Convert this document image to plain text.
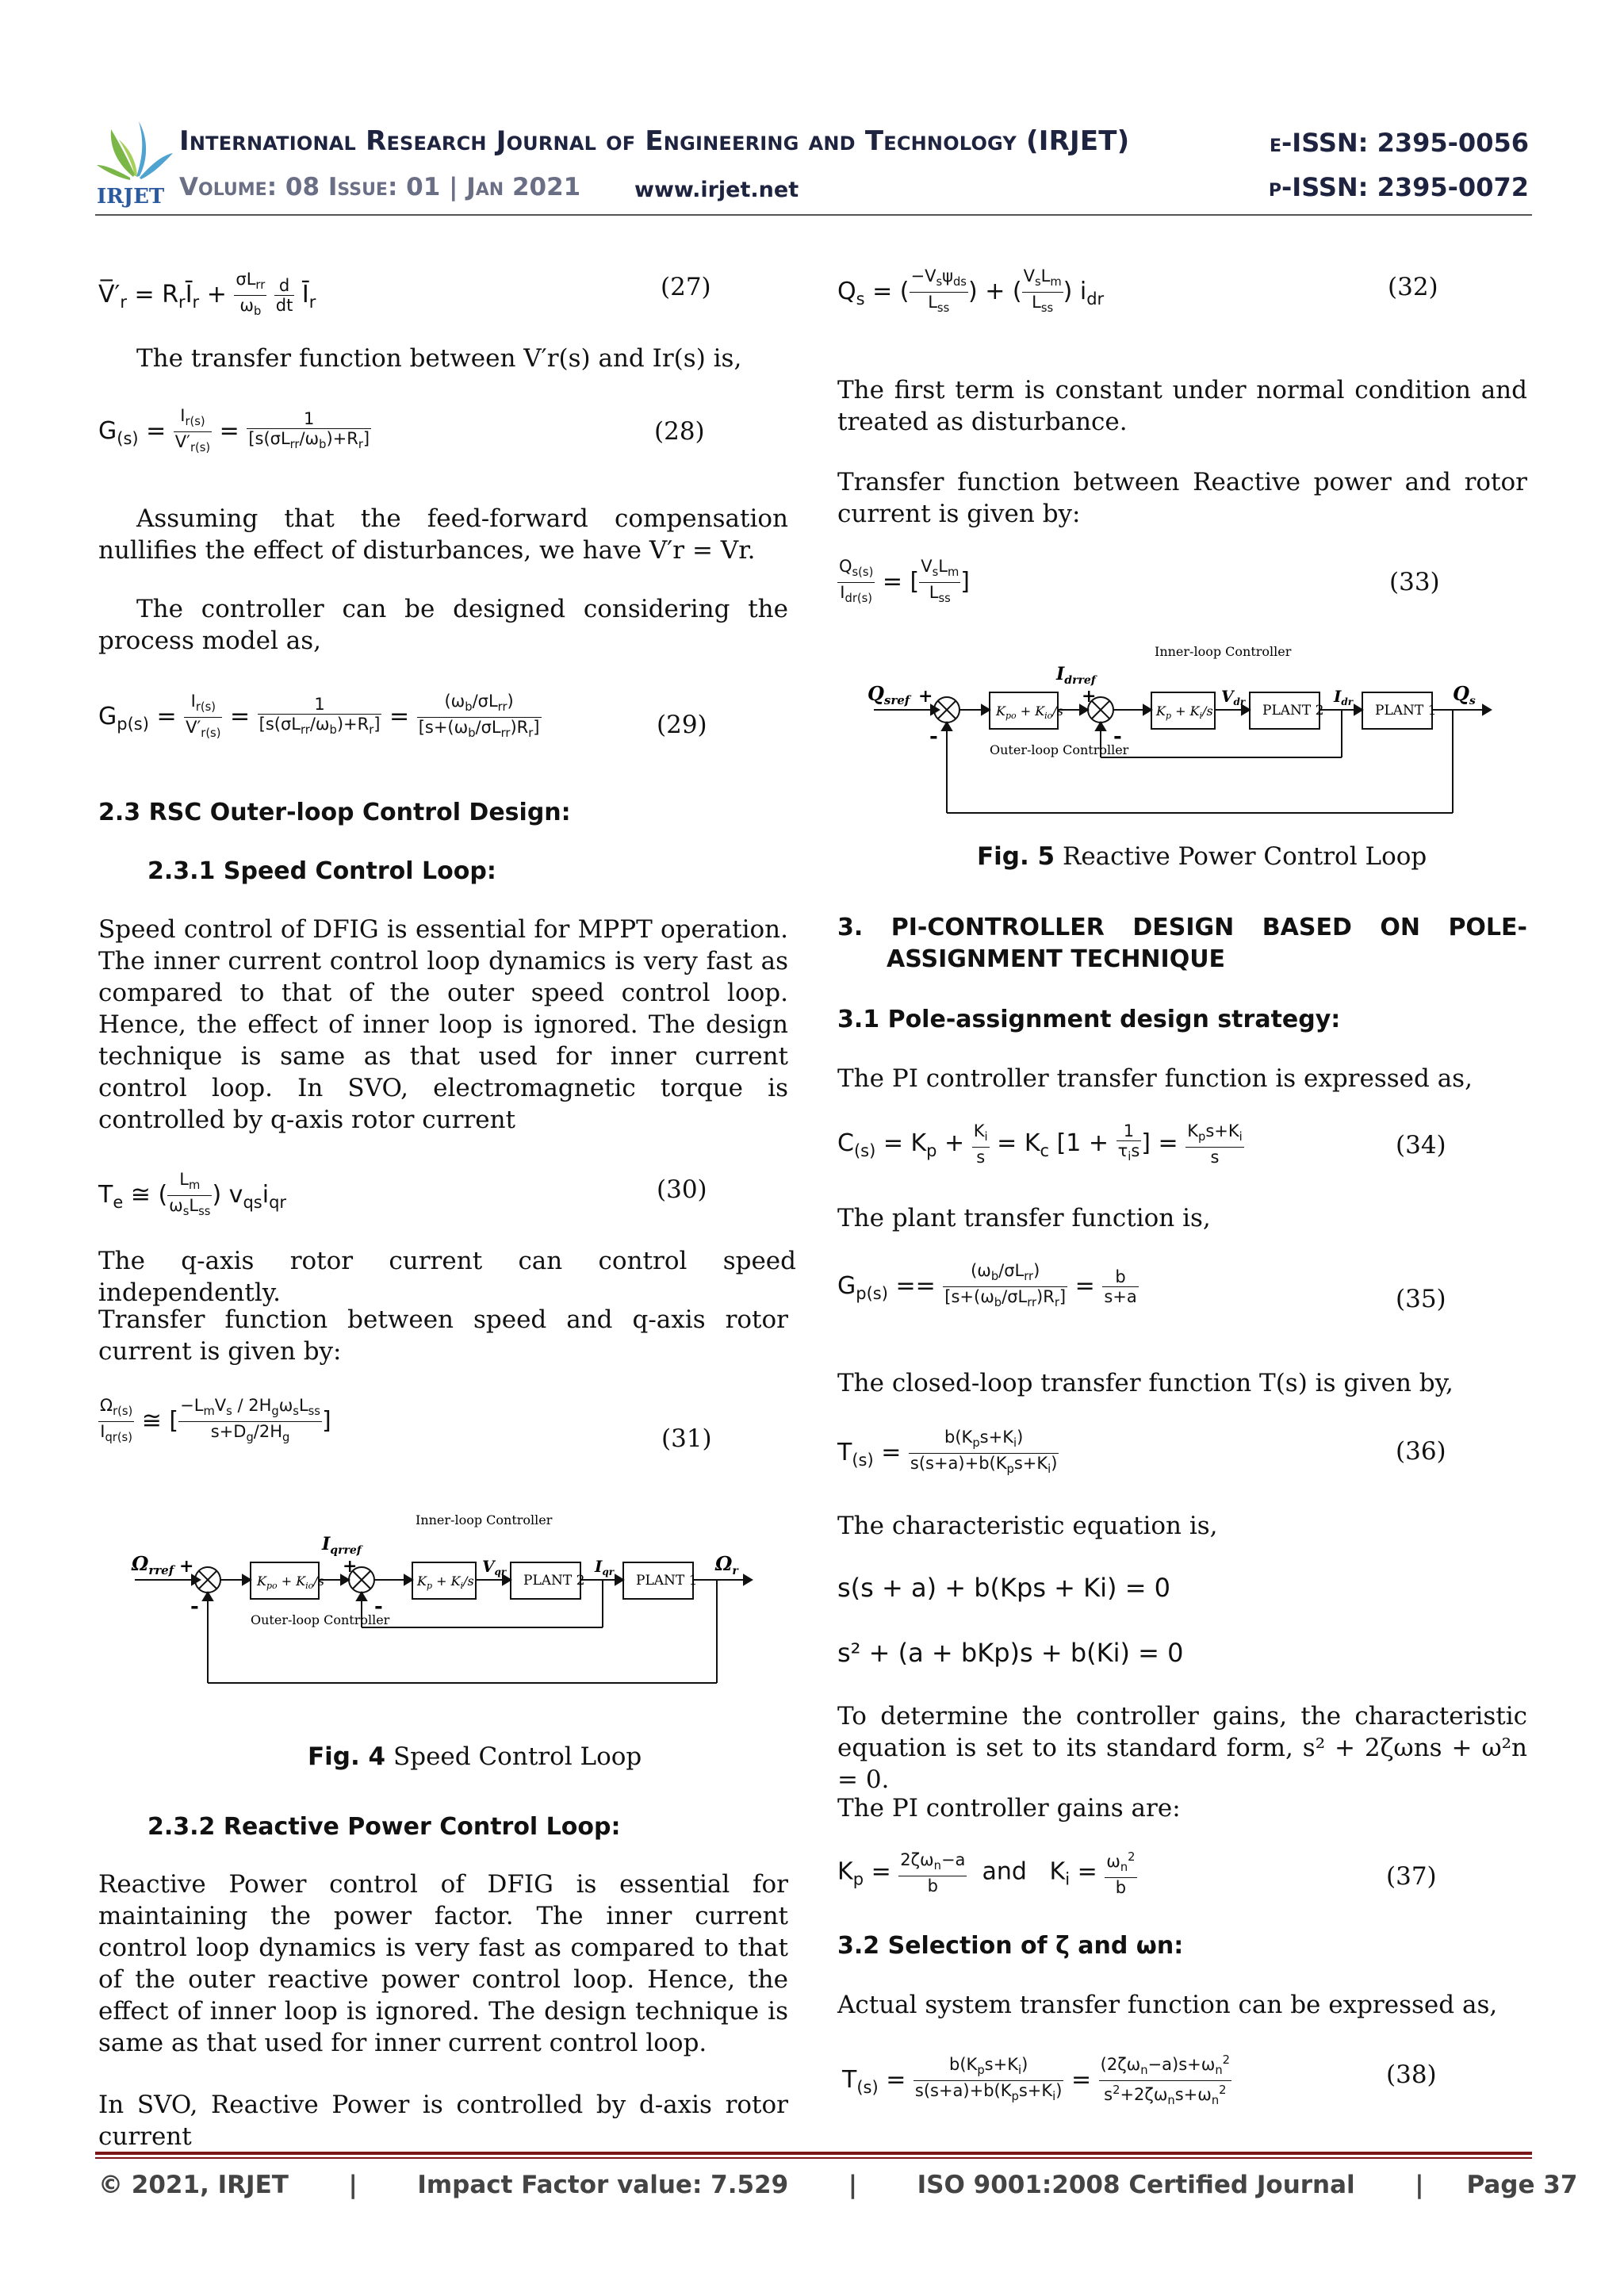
IRJET
International Research Journal of Engineering and Technology (IRJET)	e-ISSN: 2395-0056
Volume: 08 Issue: 01 | Jan 2021	www.irjet.net	p-ISSN: 2395-0072
$V̅'_r$ = $R_rĪ_r + \frac{\sigma L_{rr}}{\omega_b}$
$\frac{d}{dt}$ $Ī_r$
(27)

The transfer function between V′r(s) and Ir(s) is,

$G_{(s)} = \frac{I_{r(s)}}{V'_{r(s)}} = \frac{1}{[s(\sigma L_{rr}/\omega_b)+R_r]}$	(28)

Assuming that the feed-forward compensation nullifies the effect of disturbances, we have V′r = Vr.

The controller can be designed considering the process model as,

$G_{p(s)} = \frac{I_{r(s)}}{V'_{r(s)}} = \frac{1}{[s(\sigma L_{rr}/\omega_b)+R_r]} = \frac{(\omega_b/\sigma L_{rr})}{[s+(\omega_b/\sigma L_{rr})R_r]}$	(29)
2.3 RSC Outer-loop Control Design:
2.3.1 Speed Control Loop:

Speed control of DFIG is essential for MPPT operation. The inner current control loop dynamics is very fast as compared to that of the outer speed control loop. Hence, the effect of inner loop is ignored. The design technique is same as that used for inner current control loop. In SVO, electromagnetic torque is controlled by q-axis rotor current

$T_e$ ≅ ( $\frac{L_m}{\omega_sL_{ss}}$ ) $v_{qs}i_{qr}$	(30)

The q-axis rotor current can control speed independently.

Transfer function between speed and q-axis rotor current is given by:

$\frac{\Omega_{r(s)}}{I_{qr(s)}}$ ≅ [ $\frac{-L_mV_s / 2H_g\omega_sL_{ss}}{s+D_g/2H_g}$ ]
(31)
$\Omega_{rref}$ +
-
$K_{po} + K_{io}/s$
Outer-loop Controller
$I_{qrref}$
+
-
$K_p + K_i/s$
Inner-loop Controller
$V_{qr}$
PLANT 2
$I_{qr}$
PLANT 1
$\Omega_r$
Fig. 4 Speed Control Loop
2.3.2 Reactive Power Control Loop:

Reactive Power control of DFIG is essential for maintaining the power factor. The inner current control loop dynamics is very fast as compared to that of the outer reactive power control loop. Hence, the effect of inner loop is ignored. The design technique is same as that used for inner current control loop.

In SVO, Reactive Power is controlled by d-axis rotor current

$Q_s$ = ( $\frac{-V_s\psi_{ds}}{L_{ss}}$ ) + ( $\frac{V_sL_m}{L_{ss}}$ ) $i_{dr}$	(32)

The first term is constant under normal condition and treated as disturbance.

Transfer function between Reactive power and rotor current is given by:

$\frac{Q_{s(s)}}{I_{dr(s)}}$ = [ $\frac{V_sL_m}{L_{ss}}$ ]	(33)
$Q_{sref}$ +
-
$K_{po} + K_{io}/s$
Outer-loop Controller
$I_{drref}$
+
-
$K_p + K_i/s$
Inner-loop Controller
$V_{dr}$
PLANT 2
$I_{dr}$
PLANT 1
$Q_s$
Fig. 5 Reactive Power Control Loop

3. PI-CONTROLLER DESIGN BASED ON POLE-ASSIGNMENT TECHNIQUE

3.1 Pole-assignment design strategy:

The PI controller transfer function is expressed as,

$C_{(s)} = K_p + \frac{K_i}{s} = K_c$ [$1 + \frac{1}{\tau_is}$ ] = $\frac{K_ps+K_i}{s}$	(34)

The plant transfer function is,

$G_{p(s)} == \frac{(\omega_b/\sigma L_{rr})}{[s+(\omega_b/\sigma L_{rr})R_r]} = \frac{b}{s+a}$	(35)

The closed-loop transfer function T(s) is given by,

$T_{(s)} = \frac{b(K_ps+K_i)}{s(s+a)+b(K_ps+K_i)}$	(36)

The characteristic equation is,

s(s + a) + b(Kps + Ki) = 0
s² + (a + bKp)s + b(Ki) = 0

To determine the controller gains, the characteristic equation is set to its standard form, s² + 2ζωns + ω²n = 0.

The PI controller gains are:

$K_p = \frac{2\zeta\omega_n-a}{b}$ and   $K_i = \frac{\omega_n^2}{b}$	(37)
3.2 Selection of ζ and ωn:

Actual system transfer function can be expressed as,

$T_{(s)} = \frac{b(K_ps+K_i)}{s(s+a)+b(K_ps+K_i)} = \frac{(2\zeta\omega_n-a)s+\omega_n^2}{s^2+2\zeta\omega_ns+\omega_n^2}$	(38)
© 2021, IRJET       |       Impact Factor value: 7.529       |       ISO 9001:2008 Certified Journal       |     Page 37
